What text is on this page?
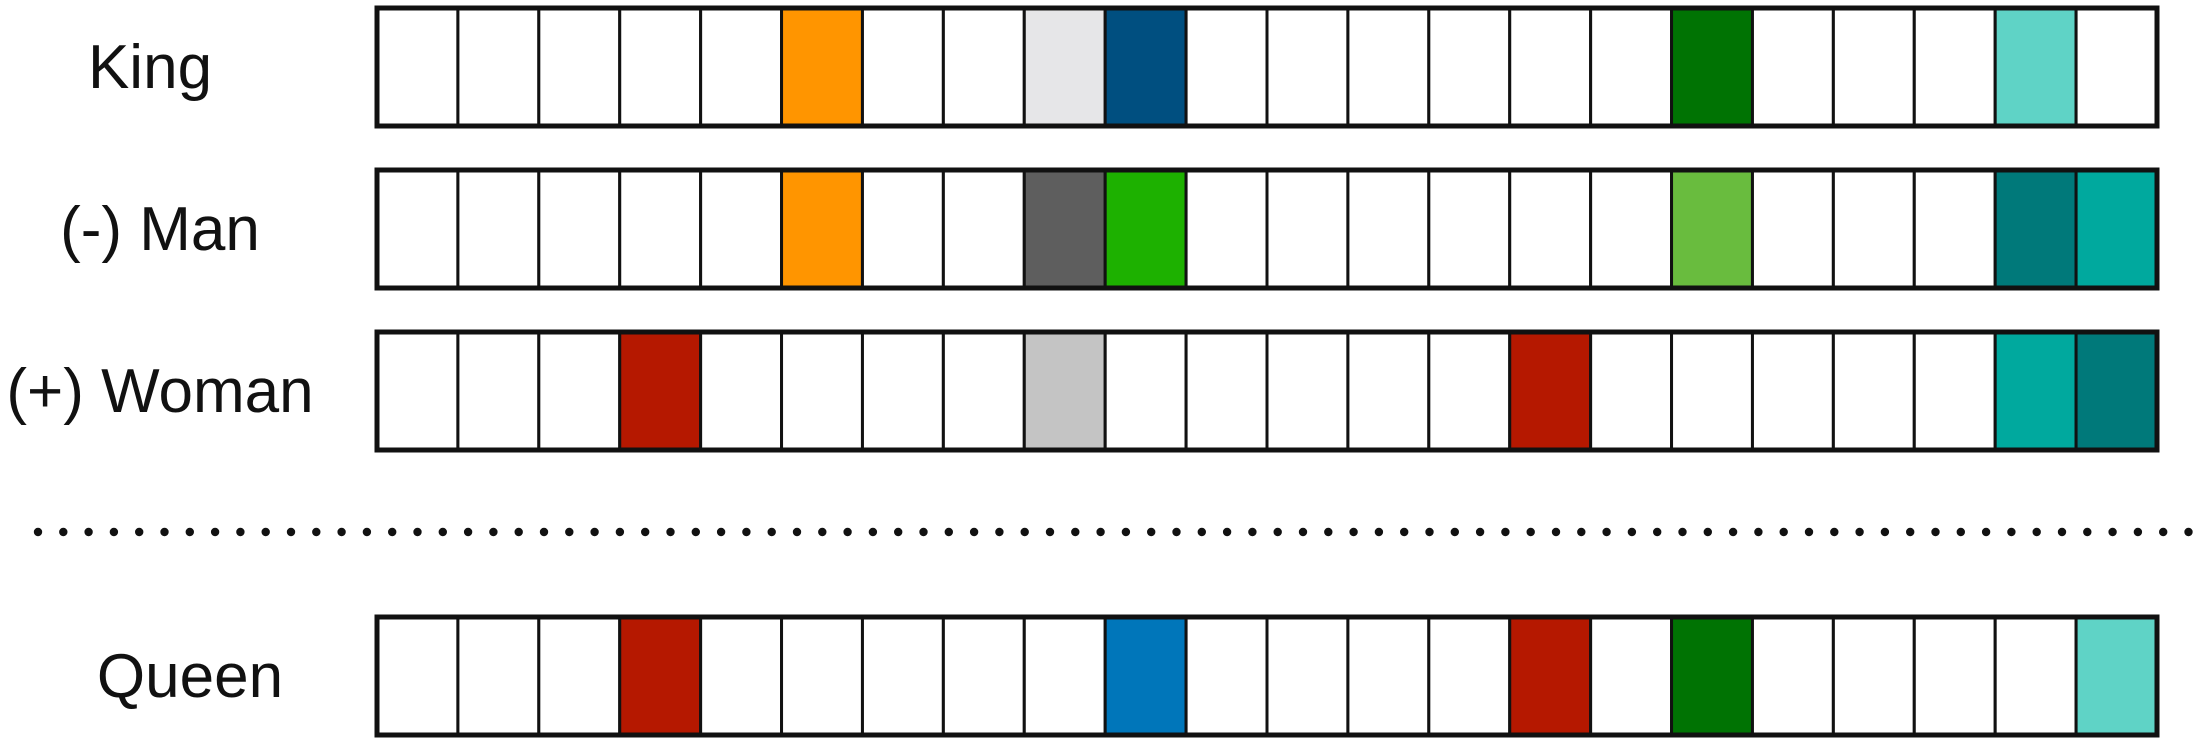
King
(-) Man
(+) Woman
Queen
